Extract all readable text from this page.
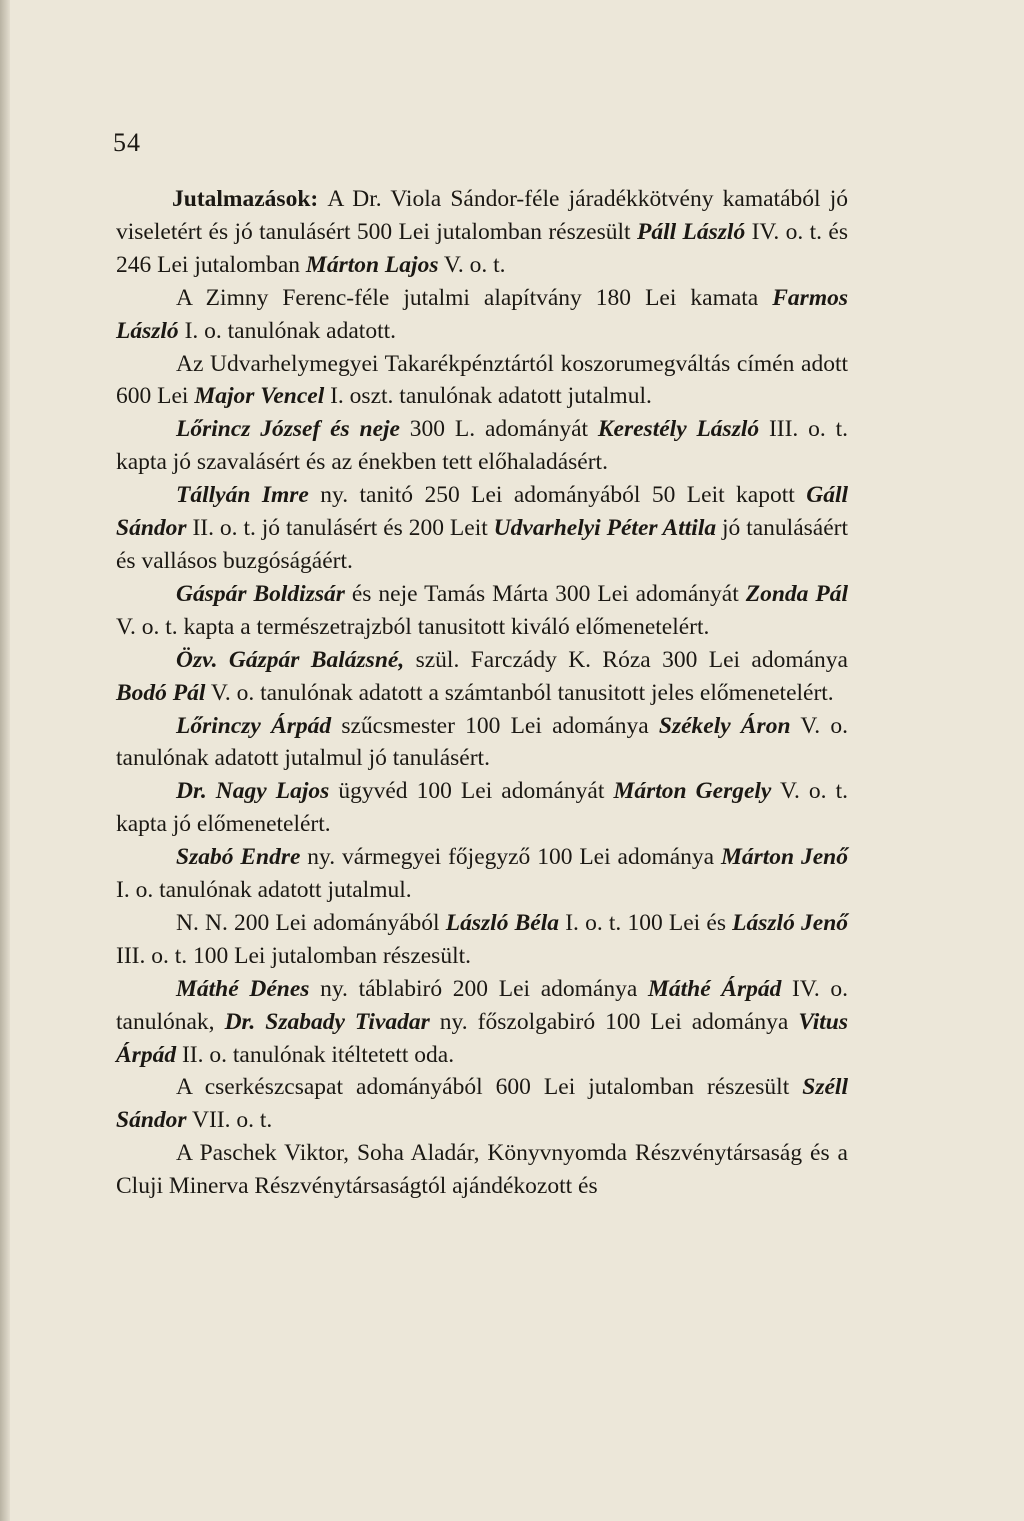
54

Jutalmazások: A Dr. Viola Sándor-féle járadékkötvény kamatából jó viseletért és jó tanulásért 500 Lei jutalomban részesült Páll László IV. o. t. és 246 Lei jutalomban Márton Lajos V. o. t.

A Zimny Ferenc-féle jutalmi alapítvány 180 Lei kamata Farmos László I. o. tanulónak adatott.

Az Udvarhelymegyei Takarékpénztártól koszorumegváltás címén adott 600 Lei Major Vencel I. oszt. tanulónak adatott jutalmul.

Lőrincz József és neje 300 L. adományát Kerestély László III. o. t. kapta jó szavalásért és az énekben tett előhaladásért.

Tállyán Imre ny. tanitó 250 Lei adományából 50 Leit kapott Gáll Sándor II. o. t. jó tanulásért és 200 Leit Udvarhelyi Péter Attila jó tanulásáért és vallásos buzgóságáért.

Gáspár Boldizsár és neje Tamás Márta 300 Lei adományát Zonda Pál V. o. t. kapta a természetrajzból tanusitott kiváló előmenetelért.

Özv. Gázpár Balázsné, szül. Farczády K. Róza 300 Lei adománya Bodó Pál V. o. tanulónak adatott a számtanból tanusitott jeles előmenetelért.

Lőrinczy Árpád szűcsmester 100 Lei adománya Székely Áron V. o. tanulónak adatott jutalmul jó tanulásért.

Dr. Nagy Lajos ügyvéd 100 Lei adományát Márton Gergely V. o. t. kapta jó előmenetelért.

Szabó Endre ny. vármegyei főjegyző 100 Lei adománya Márton Jenő I. o. tanulónak adatott jutalmul.

N. N. 200 Lei adományából László Béla I. o. t. 100 Lei és László Jenő III. o. t. 100 Lei jutalomban részesült.

Máthé Dénes ny. táblabiró 200 Lei adománya Máthé Árpád IV. o. tanulónak, Dr. Szabady Tivadar ny. főszolgabiró 100 Lei adománya Vitus Árpád II. o. tanulónak itéltetett oda.

A cserkészcsapat adományából 600 Lei jutalomban részesült Széll Sándor VII. o. t.

A Paschek Viktor, Soha Aladár, Könyvnyomda Részvénytársaság és a Cluji Minerva Részvénytársaságtól ajándékozott és
